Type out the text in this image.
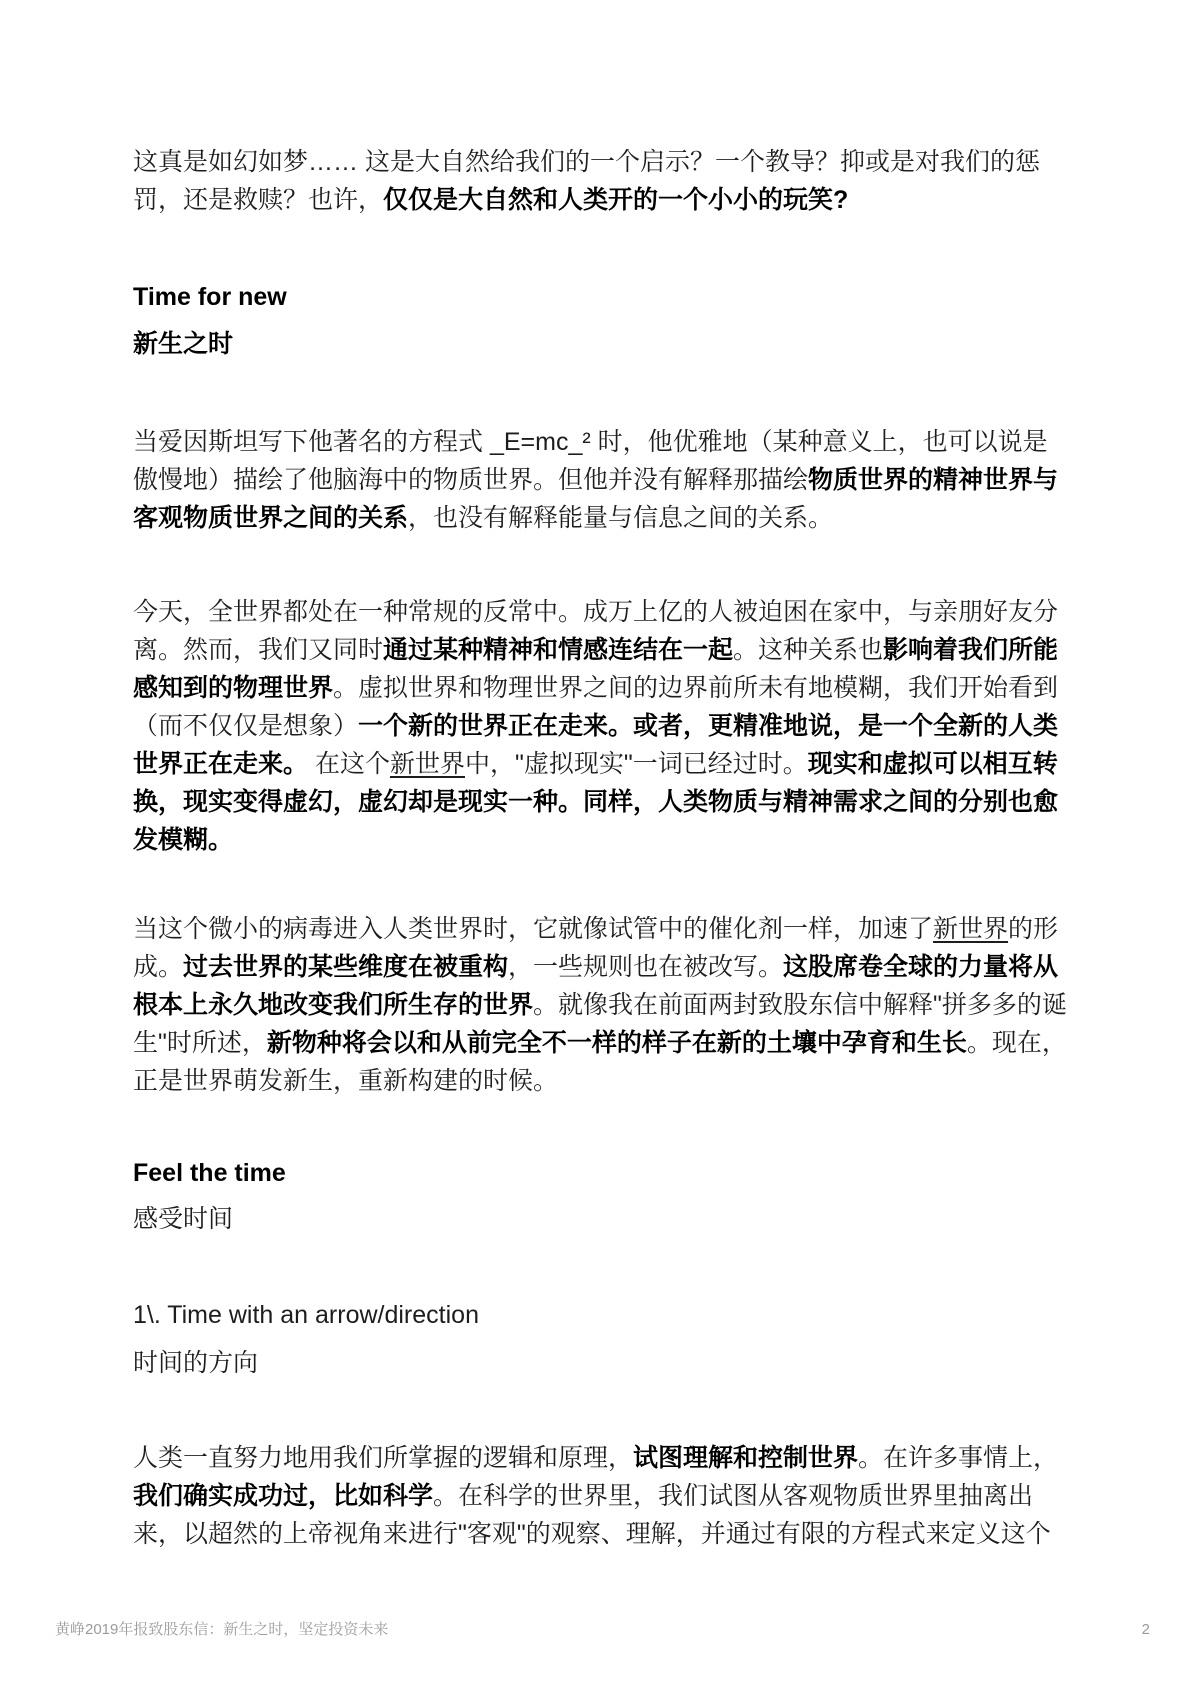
这真是如幻如梦…… 这是大自然给我们的一个启示？一个教导？抑或是对我们的惩罚，还是救赎？也许，仅仅是大自然和人类开的一个小小的玩笑?

Time for new
新生之时

当爱因斯坦写下他著名的方程式 _E=mc_² 时，他优雅地（某种意义上，也可以说是傲慢地）描绘了他脑海中的物质世界。但他并没有解释那描绘物质世界的精神世界与客观物质世界之间的关系，也没有解释能量与信息之间的关系。

今天，全世界都处在一种常规的反常中。成万上亿的人被迫困在家中，与亲朋好友分离。然而，我们又同时通过某种精神和情感连结在一起。这种关系也影响着我们所能感知到的物理世界。虚拟世界和物理世界之间的边界前所未有地模糊，我们开始看到（而不仅仅是想象）一个新的世界正在走来。或者，更精准地说，是一个全新的人类世界正在走来。 在这个新世界中，"虚拟现实"一词已经过时。现实和虚拟可以相互转换，现实变得虚幻，虚幻却是现实一种。同样，人类物质与精神需求之间的分别也愈发模糊。

当这个微小的病毒进入人类世界时，它就像试管中的催化剂一样，加速了新世界的形成。过去世界的某些维度在被重构，一些规则也在被改写。这股席卷全球的力量将从根本上永久地改变我们所生存的世界。就像我在前面两封致股东信中解释"拼多多的诞生"时所述，新物种将会以和从前完全不一样的样子在新的土壤中孕育和生长。现在，正是世界萌发新生，重新构建的时候。

Feel the time

感受时间

1\. Time with an arrow/direction

时间的方向

人类一直努力地用我们所掌握的逻辑和原理，试图理解和控制世界。在许多事情上，我们确实成功过，比如科学。在科学的世界里，我们试图从客观物质世界里抽离出来，以超然的上帝视角来进行"客观"的观察、理解，并通过有限的方程式来定义这个

黄峥2019年报致股东信：新生之时，坚定投资未来	2
